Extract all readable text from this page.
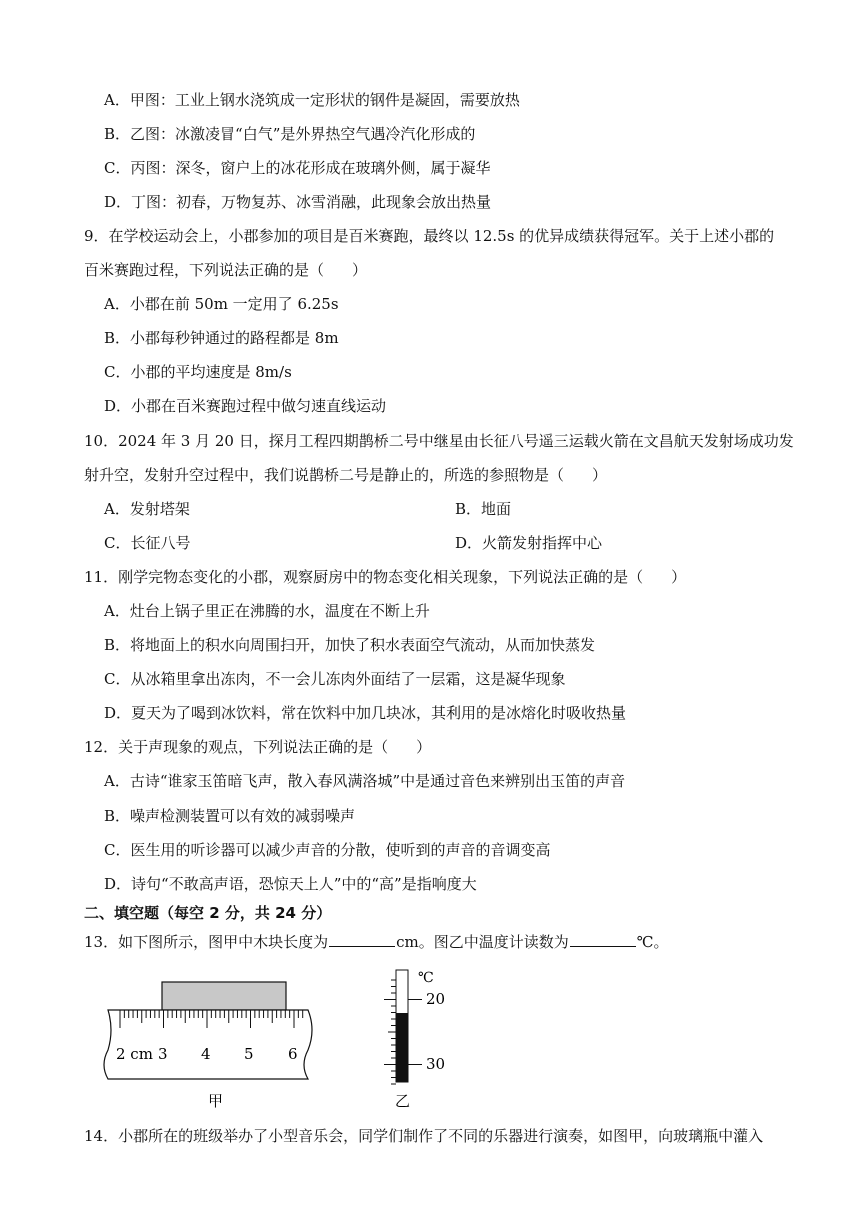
A．甲图：工业上钢水浇筑成一定形状的钢件是凝固，需要放热
B．乙图：冰激凌冒“白气”是外界热空气遇冷汽化形成的
C．丙图：深冬，窗户上的冰花形成在玻璃外侧，属于凝华
D．丁图：初春，万物复苏、冰雪消融，此现象会放出热量
9．在学校运动会上，小郡参加的项目是百米赛跑，最终以 12.5s 的优异成绩获得冠军。关于上述小郡的
百米赛跑过程，下列说法正确的是（ ）
A．小郡在前 50m 一定用了 6.25s
B．小郡每秒钟通过的路程都是 8m
C．小郡的平均速度是 8m/s
D．小郡在百米赛跑过程中做匀速直线运动
10．2024 年 3 月 20 日，探月工程四期鹊桥二号中继星由长征八号遥三运载火箭在文昌航天发射场成功发
射升空，发射升空过程中，我们说鹊桥二号是静止的，所选的参照物是（ ）
A．发射塔架	B．地面
C．长征八号	D．火箭发射指挥中心
11．刚学完物态变化的小郡，观察厨房中的物态变化相关现象，下列说法正确的是（ ）
A．灶台上锅子里正在沸腾的水，温度在不断上升
B．将地面上的积水向周围扫开，加快了积水表面空气流动，从而加快蒸发
C．从冰箱里拿出冻肉，不一会儿冻肉外面结了一层霜，这是凝华现象
D．夏天为了喝到冰饮料，常在饮料中加几块冰，其利用的是冰熔化时吸收热量
12．关于声现象的观点，下列说法正确的是（ ）
A．古诗“谁家玉笛暗飞声，散入春风满洛城”中是通过音色来辨别出玉笛的声音
B．噪声检测装置可以有效的减弱噪声
C．医生用的听诊器可以减少声音的分散，使听到的声音的音调变高
D．诗句“不敢高声语，恐惊天上人”中的“高”是指响度大
二、填空题（每空 2 分，共 24 分）
13．如下图所示，图甲中木块长度为	cm。图乙中温度计读数为	℃。
2 cm 3 4 5 6
甲
℃
20
30
乙
14．小郡所在的班级举办了小型音乐会，同学们制作了不同的乐器进行演奏，如图甲，向玻璃瓶中灌入
